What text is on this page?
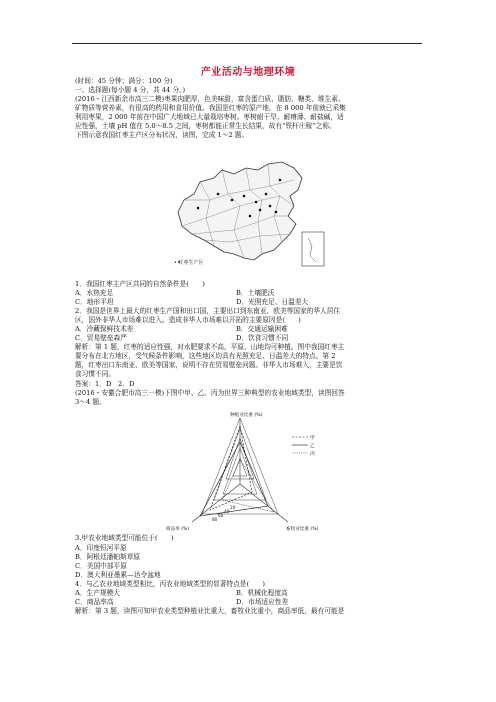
产业活动与地理环境
(时间：45 分钟；满分：100 分)
一、选择题(每小题 4 分，共 44 分。)
(2016・江西新余市高三二模)枣果肉肥厚，色美味甜，富含蛋白质、脂肪、糖类、维生素、
矿物质等营养素，有很高的药用和食用价值。我国是红枣的原产地，在 8 000 年前就已采集
利用枣果，2 000 年前在中国广大地域已大量栽培枣树。枣树耐干旱、耐瘠薄、耐盐碱，适
应性强，土壤 pH 值在 5.0～8.5 之间，枣树都能正常生长结果，故有“铁杆庄稼”之称。
下图示意我国红枣主产区分布状况，读图，完成 1～2 题。
• 红枣生产区
1．我国红枣主产区共同的自然条件是(　　)
A．水热充足	B．土壤肥沃
C．地形平坦	D．光照充足、日温差大
2．我国是世界上最大的红枣生产国和出口国，主要出口到东南亚、欧美等国家的华人居住
区，国外非华人市场难以进入。造成非华人市场难以开拓的主要原因是(　　)
A．冷藏保鲜技术差	B．交通运输困难
C．贸易壁垒森严	D．饮食习惯不同
解析：第 1 题，红枣的适应性强，对水肥要求不高，平原、山地均可种植。图中我国红枣主
要分布在北方地区，受气候条件影响，这些地区均具有光照充足、日温差大的特点。第 2
题，红枣出口东南亚、欧美等国家，说明不存在贸易壁垒问题。非华人市场难入，主要是饮
食习惯不同。
答案：1．D　2．D
(2016・安徽合肥市高三一模)下图中甲、乙、丙为世界三种典型的农业地域类型，读图回答
3～4 题。
20
40
60
80
种植业比重 (%)
畜牧业比重 (%)
商品率 (%)
甲
乙
丙
3.甲农业地域类型可能位于(　　)
A．印度恒河平原
B．阿根廷潘帕斯草原
C．美国中部平原
D．澳大利亚墨累—达令盆地
4．与乙农业地域类型相比，丙农业地域类型的显著特点是(　　)
A．生产规模大	B．机械化程度高
C．商品率高	D．市场适应性差
解析：第 3 题，读图可知甲农业类型种植业比重大，畜牧业比重小，商品率低，最有可能是
